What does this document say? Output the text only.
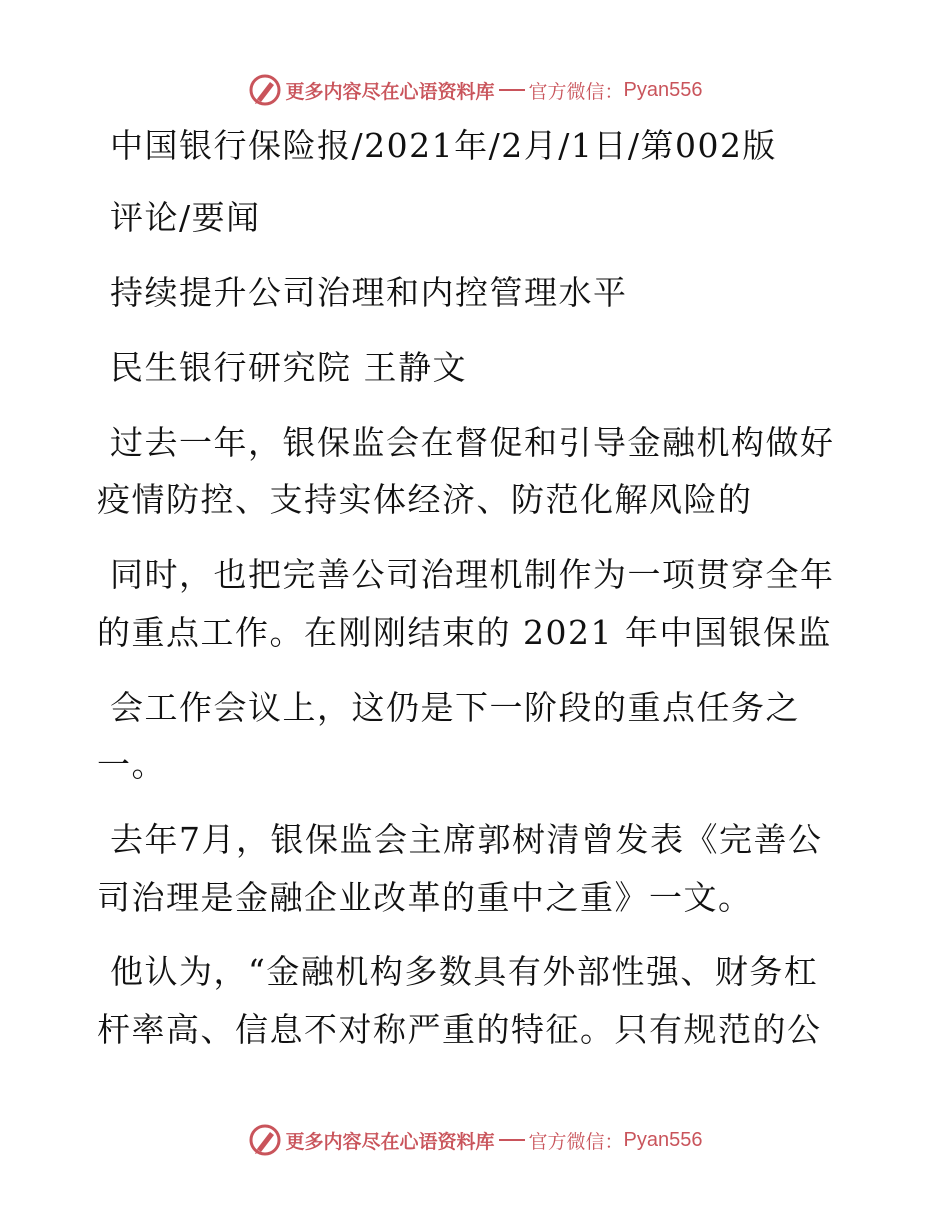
更多内容尽在心语资料库 官方微信： Pyan556
中国银行保险报/2021年/2月/1日/第002版
评论/要闻
持续提升公司治理和内控管理水平
民生银行研究院 王静文
过去一年，银保监会在督促和引导金融机构做好
疫情防控、支持实体经济、防范化解风险的
同时，也把完善公司治理机制作为一项贯穿全年
的重点工作。在刚刚结束的 2021 年中国银保监
会工作会议上，这仍是下一阶段的重点任务之
一。
去年7月，银保监会主席郭树清曾发表《完善公
司治理是金融企业改革的重中之重》一文。
他认为，“金融机构多数具有外部性强、财务杠
杆率高、信息不对称严重的特征。只有规范的公
更多内容尽在心语资料库 官方微信： Pyan556
